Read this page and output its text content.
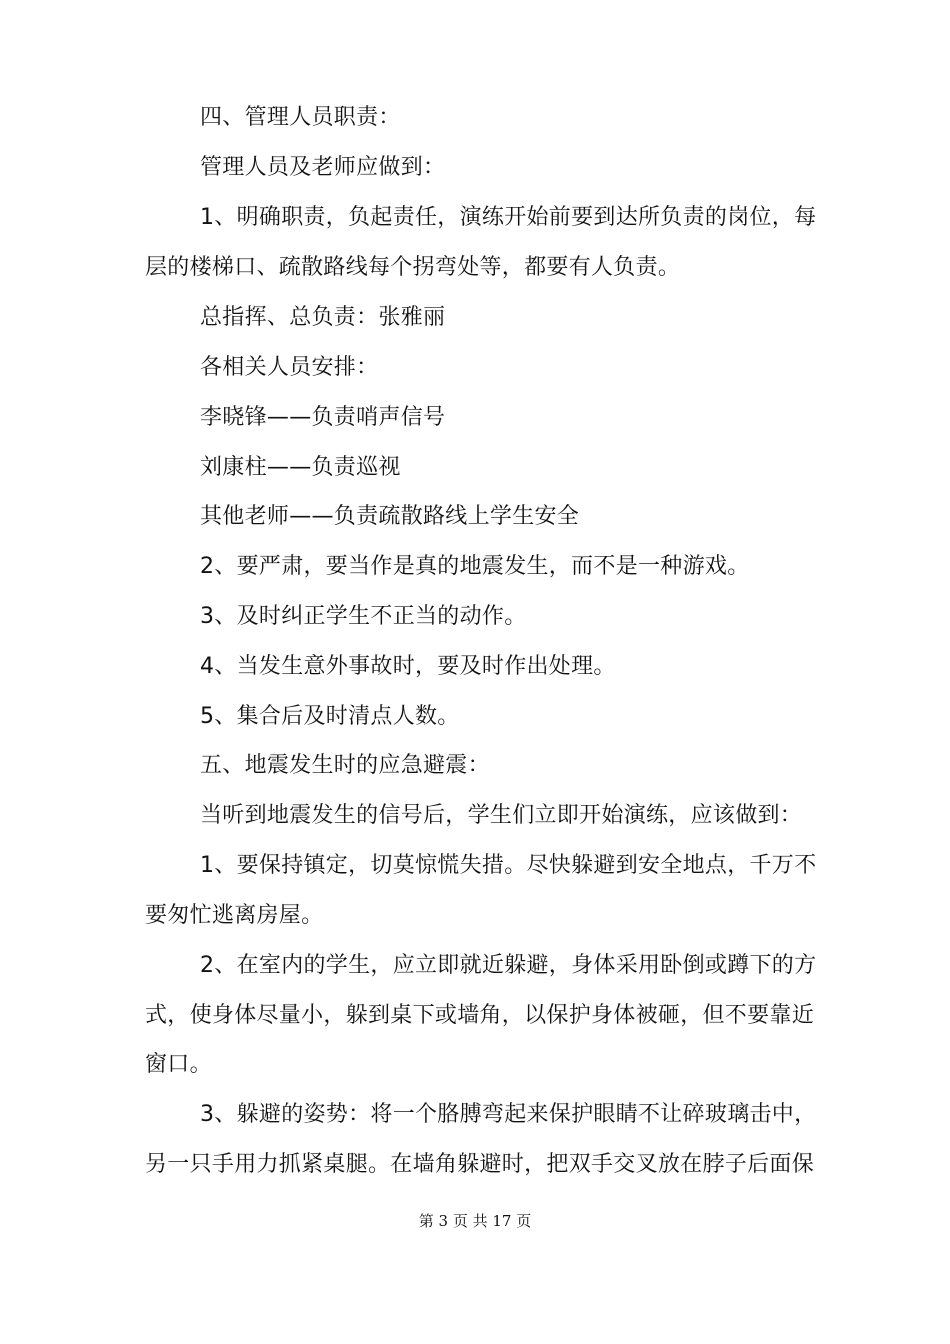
四、管理人员职责：

管理人员及老师应做到：

1、明确职责，负起责任，演练开始前要到达所负责的岗位，每

层的楼梯口、疏散路线每个拐弯处等，都要有人负责。

总指挥、总负责：张雅丽

各相关人员安排：

李晓锋——负责哨声信号

刘康柱——负责巡视

其他老师——负责疏散路线上学生安全

2、要严肃，要当作是真的地震发生，而不是一种游戏。

3、及时纠正学生不正当的动作。

4、当发生意外事故时，要及时作出处理。

5、集合后及时清点人数。

五、地震发生时的应急避震：

当听到地震发生的信号后，学生们立即开始演练，应该做到：

1、要保持镇定，切莫惊慌失措。尽快躲避到安全地点，千万不

要匆忙逃离房屋。

2、在室内的学生，应立即就近躲避，身体采用卧倒或蹲下的方

式，使身体尽量小，躲到桌下或墙角，以保护身体被砸，但不要靠近

窗口。

3、躲避的姿势：将一个胳膊弯起来保护眼睛不让碎玻璃击中，

另一只手用力抓紧桌腿。在墙角躲避时，把双手交叉放在脖子后面保

第 3 页 共 17 页
